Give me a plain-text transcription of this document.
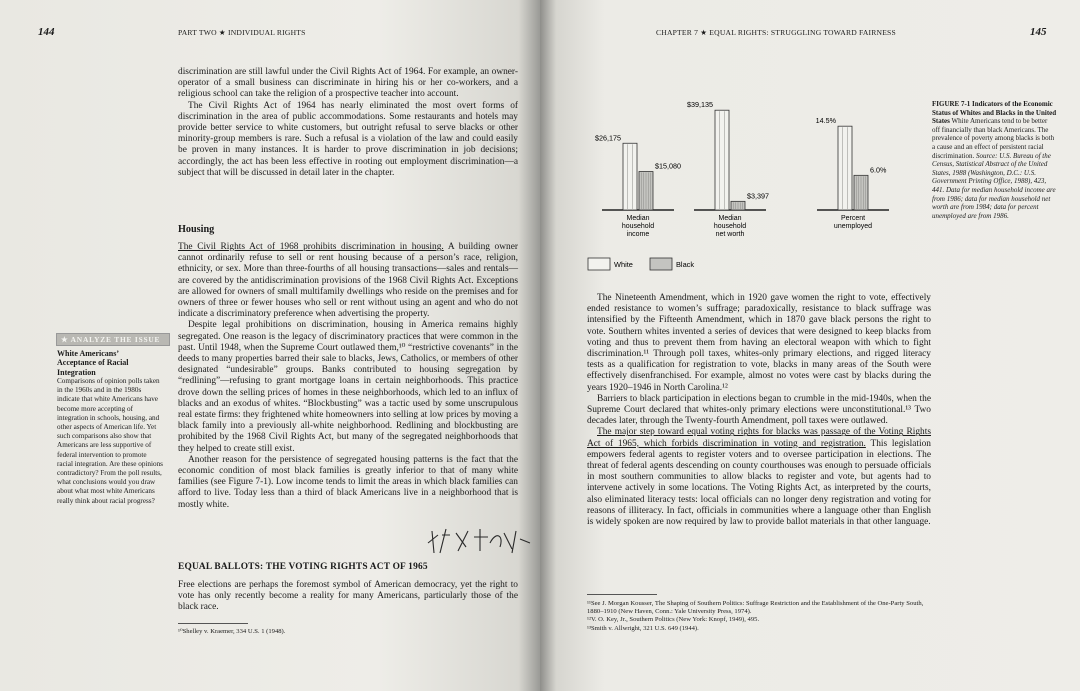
144	PART TWO ★ INDIVIDUAL RIGHTS

discrimination are still lawful under the Civil Rights Act of 1964. For example, an owner-operator of a small business can discriminate in hiring his or her co-workers, and a religious school can take the religion of a prospective teacher into account.

The Civil Rights Act of 1964 has nearly eliminated the most overt forms of discrimination in the area of public accommodations. Some restaurants and hotels may provide better service to white customers, but outright refusal to serve blacks or other minority-group members is rare. Such a refusal is a violation of the law and could easily be proven in many instances. It is harder to prove discrimination in job decisions; accordingly, the act has been less effective in rooting out employment discrimination—a subject that will be discussed in detail later in the chapter.

Housing

The Civil Rights Act of 1968 prohibits discrimination in housing. A building owner cannot ordinarily refuse to sell or rent housing because of a person’s race, religion, ethnicity, or sex. More than three-fourths of all housing transactions—sales and rentals—are covered by the antidiscrimination provisions of the 1968 Civil Rights Act. Exceptions are allowed for owners of small multifamily dwellings who reside on the premises and for owners of three or fewer houses who sell or rent without using an agent and who do not indicate a discriminatory preference when advertising the property.

Despite legal prohibitions on discrimination, housing in America remains highly segregated. One reason is the legacy of discriminatory practices that were common in the past. Until 1948, when the Supreme Court outlawed them,¹⁰ “restrictive covenants” in the deeds to many properties barred their sale to blacks, Jews, Catholics, or members of other designated “undesirable” groups. Banks contributed to housing segregation by “redlining”—refusing to grant mortgage loans in certain neighborhoods. This practice drove down the selling prices of homes in these neighborhoods, which led to an influx of blacks and an exodus of whites. “Blockbusting” was a tactic used by some unscrupulous real estate firms: they frightened white homeowners into selling at low prices by moving a black family into a previously all-white neighborhood. Redlining and blockbusting are prohibited by the 1968 Civil Rights Act, but many of the segregated neighborhoods that they helped to create still exist.

Another reason for the persistence of segregated housing patterns is the fact that the economic condition of most black families is greatly inferior to that of many white families (see Figure 7-1). Low income tends to limit the areas in which black families can afford to live. Today less than a third of black Americans live in a neighborhood that is mostly white.

EQUAL BALLOTS: THE VOTING RIGHTS ACT OF 1965

Free elections are perhaps the foremost symbol of American democracy, yet the right to vote has only recently become a reality for many Americans, particularly those of the black race.

¹⁰Shelley v. Kraemer, 334 U.S. 1 (1948).
★ ANALYZE THE ISSUE
White Americans’ Acceptance of Racial Integration
Comparisons of opinion polls taken in the 1960s and in the 1980s indicate that white Americans have become more accepting of integration in schools, housing, and other aspects of American life. Yet such comparisons also show that Americans are less supportive of federal intervention to promote racial integration. Are these opinions contradictory? From the poll results, what conclusions would you draw about what most white Americans really think about racial progress?
CHAPTER 7 ★ EQUAL RIGHTS: STRUGGLING TOWARD FAIRNESS	145
$26,175
$15,080
Median
household
income
$39,135
$3,397
Median
household
net worth
14.5%
6.0%
Percent
unemployed
White	Black
FIGURE 7-1 Indicators of the Economic Status of Whites and Blacks in the United States White Americans tend to be better off financially than black Americans. The prevalence of poverty among blacks is both a cause and an effect of persistent racial discrimination. Source: U.S. Bureau of the Census, Statistical Abstract of the United States, 1988 (Washington, D.C.: U.S. Government Printing Office, 1988), 423, 441. Data for median household income are from 1986; data for median household net worth are from 1984; data for percent unemployed are from 1986.

The Nineteenth Amendment, which in 1920 gave women the right to vote, effectively ended resistance to women’s suffrage; paradoxically, resistance to black suffrage was intensified by the Fifteenth Amendment, which in 1870 gave black persons the right to vote. Southern whites invented a series of devices that were designed to keep blacks from voting and thus to prevent them from having an electoral weapon with which to fight discrimination.¹¹ Through poll taxes, whites-only primary elections, and rigged literacy tests as a qualification for registration to vote, blacks in many areas of the South were effectively disenfranchised. For example, almost no votes were cast by blacks during the years 1920–1946 in North Carolina.¹²

Barriers to black participation in elections began to crumble in the mid-1940s, when the Supreme Court declared that whites-only primary elections were unconstitutional.¹³ Two decades later, through the Twenty-fourth Amendment, poll taxes were outlawed.

The major step toward equal voting rights for blacks was passage of the Voting Rights Act of 1965, which forbids discrimination in voting and registration. This legislation empowers federal agents to register voters and to oversee participation in elections. The threat of federal agents descending on county courthouses was enough to persuade officials in most southern communities to allow blacks to register and vote, but agents had to intervene actively in some locations. The Voting Rights Act, as interpreted by the courts, also eliminated literacy tests: local officials can no longer deny registration and voting for reasons of illiteracy. In fact, officials in communities where a language other than English is widely spoken are now required by law to provide ballot materials in that other language.

¹¹See J. Morgan Kousser, The Shaping of Southern Politics: Suffrage Restriction and the Establishment of the One-Party South, 1880–1910 (New Haven, Conn.: Yale University Press, 1974).
¹²V. O. Key, Jr., Southern Politics (New York: Knopf, 1949), 495.
¹³Smith v. Allwright, 321 U.S. 649 (1944).
